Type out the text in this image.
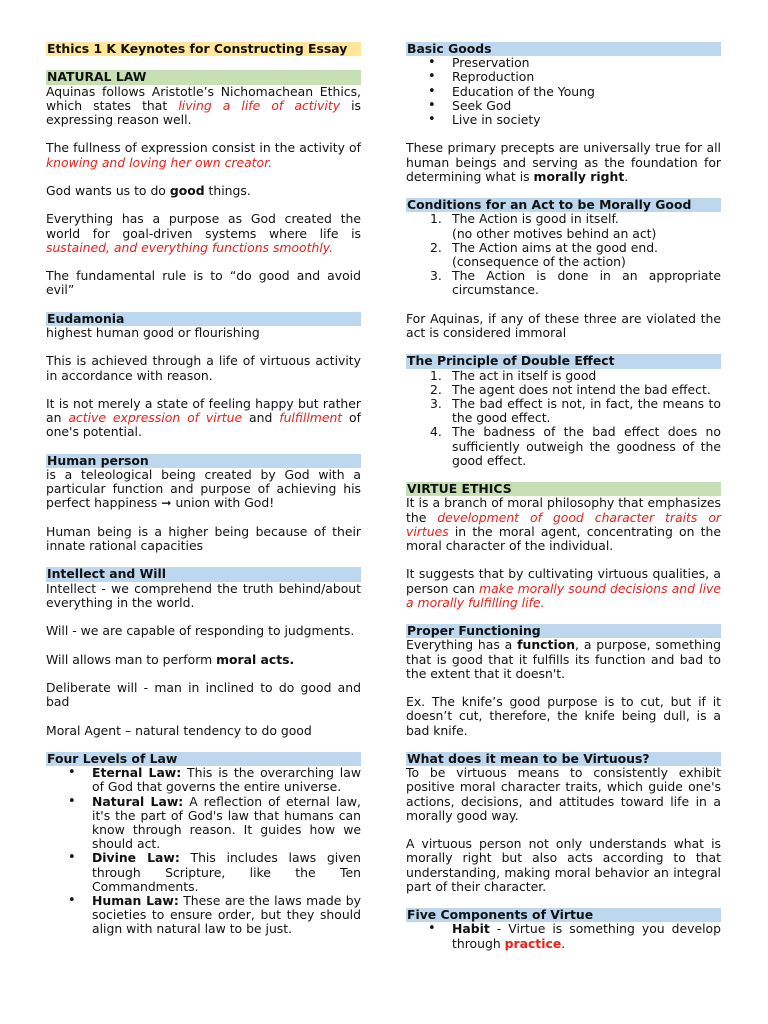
Ethics 1 K Keynotes for Constructing Essay
NATURAL LAW

Aquinas follows Aristotle’s Nichomachean Ethics, which states that living a life of activity is expressing reason well.

The fullness of expression consist in the activity of knowing and loving her own creator.

God wants us to do good things.

Everything has a purpose as God created the world for goal-driven systems where life is sustained, and everything functions smoothly.

The fundamental rule is to “do good and avoid evil”

Eudamonia

highest human good or flourishing

This is achieved through a life of virtuous activity in accordance with reason.

It is not merely a state of feeling happy but rather an active expression of virtue and fulfillment of one's potential.

Human person

is a teleological being created by God with a particular function and purpose of achieving his perfect happiness ➞ union with God!

Human being is a higher being because of their innate rational capacities

Intellect and Will

Intellect - we comprehend the truth behind/about everything in the world.

Will - we are capable of responding to judgments.

Will allows man to perform moral acts.

Deliberate will - man in inclined to do good and bad

Moral Agent – natural tendency to do good

Four Levels of Law
• Eternal Law: This is the overarching law of God that governs the entire universe.
• Natural Law: A reflection of eternal law, it's the part of God's law that humans can know through reason. It guides how we should act.
• Divine Law: This includes laws given through Scripture, like the Ten Commandments.
• Human Law: These are the laws made by societies to ensure order, but they should align with natural law to be just.
Basic Goods
• Preservation
• Reproduction
• Education of the Young
• Seek God
• Live in society

These primary precepts are universally true for all human beings and serving as the foundation for determining what is morally right.

Conditions for an Act to be Morally Good
1. The Action is good in itself.
(no other motives behind an act)
2. The Action aims at the good end.
(consequence of the action)
3. The Action is done in an appropriate circumstance.

For Aquinas, if any of these three are violated the act is considered immoral

The Principle of Double Effect
1. The act in itself is good
2. The agent does not intend the bad effect.
3. The bad effect is not, in fact, the means to the good effect.
4. The badness of the bad effect does no sufficiently outweigh the goodness of the good effect.
VIRTUE ETHICS

It is a branch of moral philosophy that emphasizes the development of good character traits or virtues in the moral agent, concentrating on the moral character of the individual.

It suggests that by cultivating virtuous qualities, a person can make morally sound decisions and live a morally fulfilling life.

Proper Functioning

Everything has a function, a purpose, something that is good that it fulfills its function and bad to the extent that it doesn't.

Ex. The knife’s good purpose is to cut, but if it doesn’t cut, therefore, the knife being dull, is a bad knife.

What does it mean to be Virtuous?

To be virtuous means to consistently exhibit positive moral character traits, which guide one's actions, decisions, and attitudes toward life in a morally good way.

A virtuous person not only understands what is morally right but also acts according to that understanding, making moral behavior an integral part of their character.

Five Components of Virtue
• Habit - Virtue is something you develop through practice.
